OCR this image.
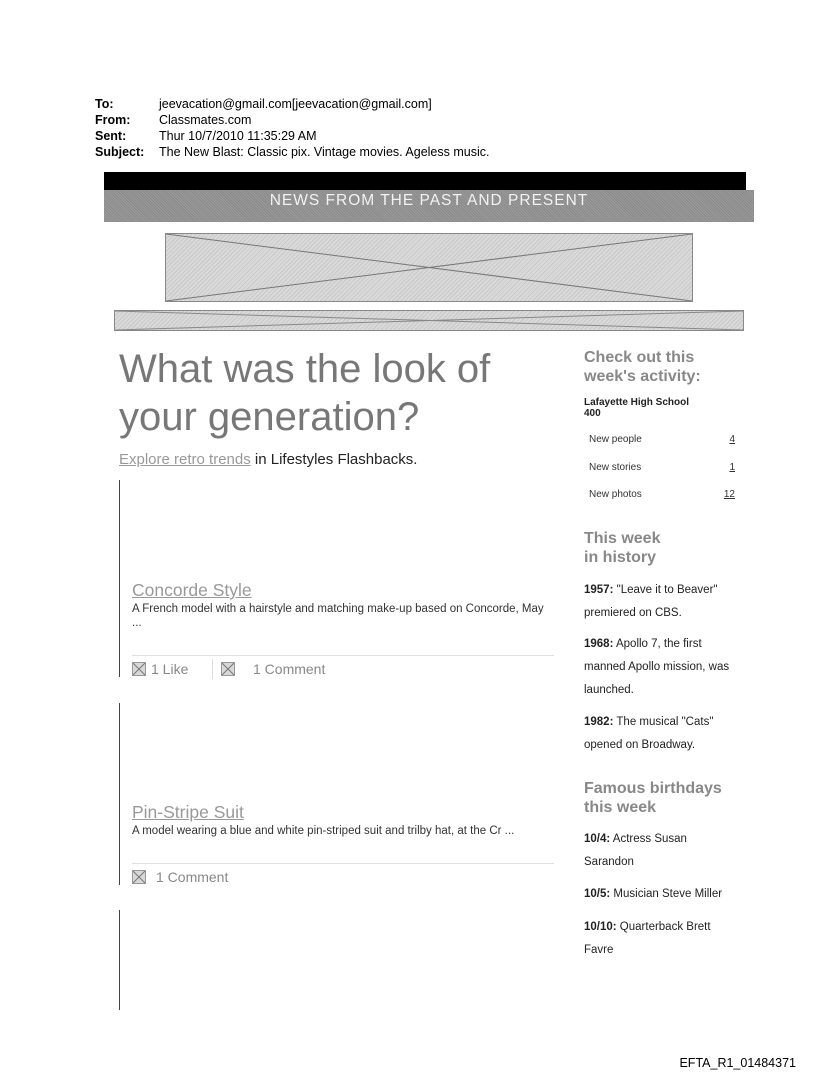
To:	jeevacation@gmail.com[jeevacation@gmail.com]
From:	Classmates.com
Sent:	Thur 10/7/2010 11:35:29 AM
Subject:	The New Blast: Classic pix. Vintage movies. Ageless music.
NEWS FROM THE PAST AND PRESENT
What was the look of your generation?
Explore retro trends in Lifestyles Flashbacks.
Concorde Style
A French model with a hairstyle and matching make-up based on Concorde, May ...
1 Like	1 Comment
Pin-Stripe Suit
A model wearing a blue and white pin-striped suit and trilby hat, at the Cr ...
1 Comment
Check out this week's activity:
Lafayette High School
400
New people	4
New stories	1
New photos	12
This week
in history
1957: "Leave it to Beaver" premiered on CBS.
1968: Apollo 7, the first manned Apollo mission, was launched.
1982: The musical "Cats" opened on Broadway.
Famous birthdays
this week
10/4: Actress Susan Sarandon
10/5: Musician Steve Miller
10/10: Quarterback Brett Favre
EFTA_R1_01484371
